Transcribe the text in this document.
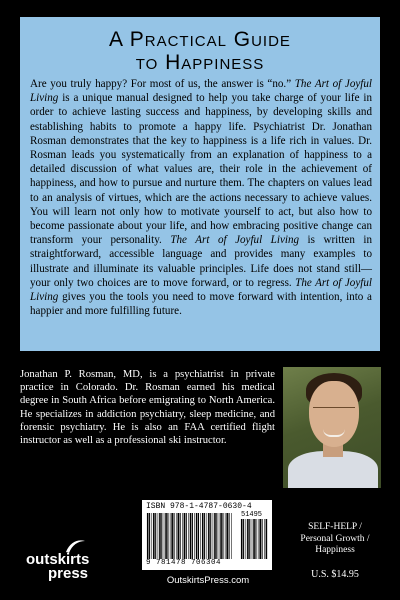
A Practical Guide
to Happiness

Are you truly happy? For most of us, the answer is “no.” The Art of Joyful Living is a unique manual designed to help you take charge of your life in order to achieve lasting success and happiness, by developing skills and establishing habits to promote a happy life. Psychiatrist Dr. Jonathan Rosman demonstrates that the key to happiness is a life rich in values. Dr. Rosman leads you systematically from an explanation of happiness to a detailed discussion of what values are, their role in the achievement of happiness, and how to pursue and nurture them. The chapters on values lead to an analysis of virtues, which are the actions necessary to achieve values. You will learn not only how to motivate yourself to act, but also how to become passionate about your life, and how embracing positive change can transform your personality. The Art of Joyful Living is written in straightforward, accessible language and provides many examples to illustrate and illuminate its valuable principles. Life does not stand still—your only two choices are to move forward, or to regress. The Art of Joyful Living gives you the tools you need to move forward with intention, into a happier and more fulfilling future.

Jonathan P. Rosman, MD, is a psychiatrist in private practice in Colorado. Dr. Rosman earned his medical degree in South Africa before emigrating to North America. He specializes in addiction psychiatry, sleep medicine, and forensic psychiatry. He is also an FAA certified flight instructor as well as a professional ski instructor.

ISBN 978-1-4787-0630-4
51495
9 781478 706304
outskirts
press	OutskirtsPress.com
SELF-HELP /
Personal Growth /
Happiness
U.S. $14.95
